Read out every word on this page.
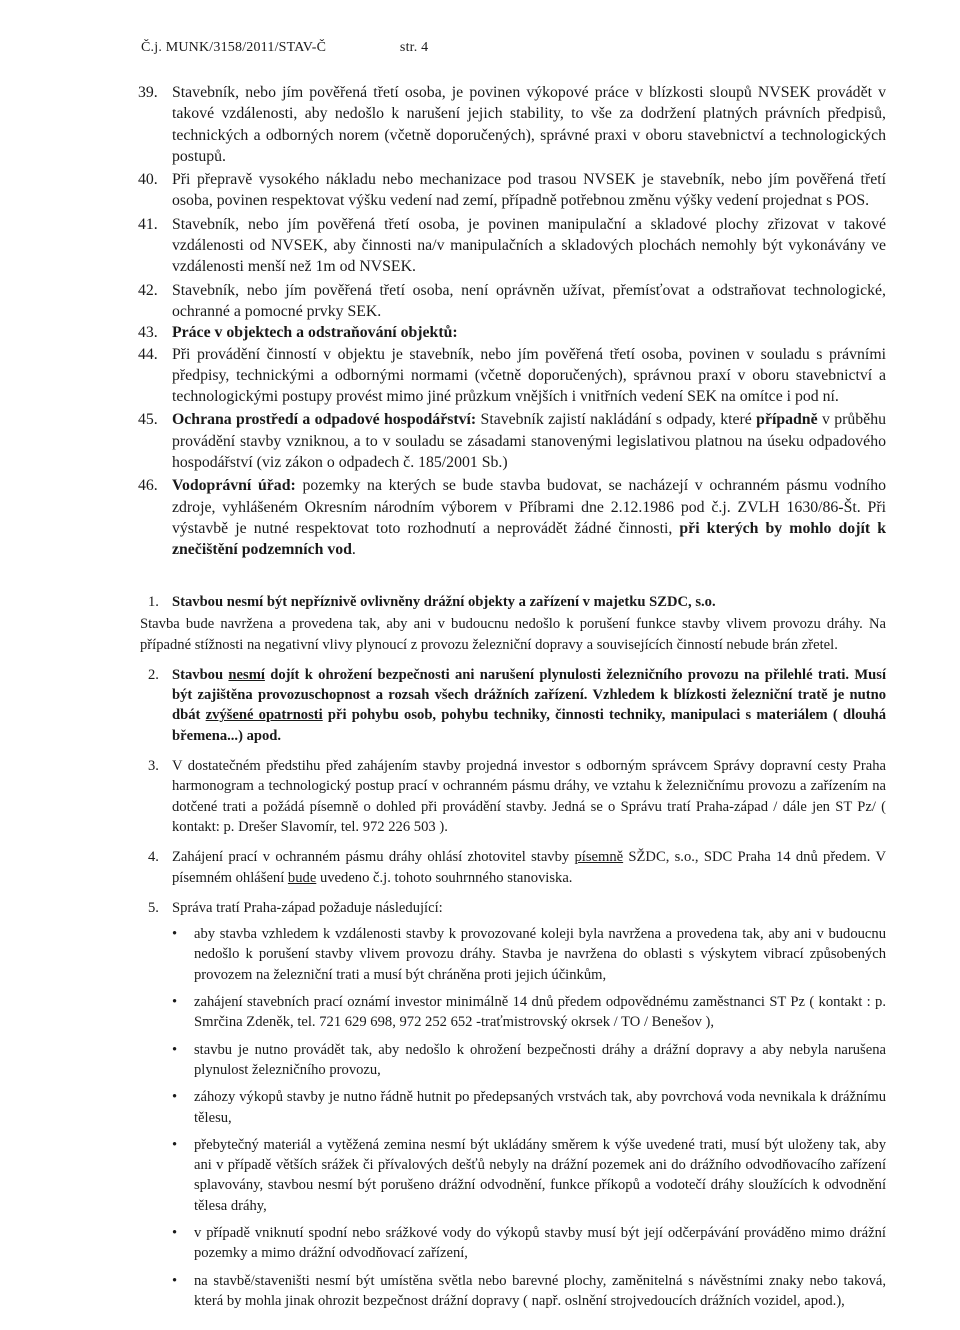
Č.j. MUNK/3158/2011/STAV-Č	str. 4
39. Stavebník, nebo jím pověřená třetí osoba, je povinen výkopové práce v blízkosti sloupů NVSEK provádět v takové vzdálenosti, aby nedošlo k narušení jejich stability, to vše za dodržení platných právních předpisů, technických a odborných norem (včetně doporučených), správné praxi v oboru stavebnictví a technologických postupů.
40. Při přepravě vysokého nákladu nebo mechanizace pod trasou NVSEK je stavebník, nebo jím pověřená třetí osoba, povinen respektovat výšku vedení nad zemí, případně potřebnou změnu výšky vedení projednat s POS.
41. Stavebník, nebo jím pověřená třetí osoba, je povinen manipulační a skladové plochy zřizovat v takové vzdálenosti od NVSEK, aby činnosti na/v manipulačních a skladových plochách nemohly být vykonávány ve vzdálenosti menší než 1m od NVSEK.
42. Stavebník, nebo jím pověřená třetí osoba, není oprávněn užívat, přemísťovat a odstraňovat technologické, ochranné a pomocné prvky SEK.
43. Práce v objektech a odstraňování objektů:
44. Při provádění činností v objektu je stavebník, nebo jím pověřená třetí osoba, povinen v souladu s právními předpisy, technickými a odbornými normami (včetně doporučených), správnou praxí v oboru stavebnictví a technologickými postupy provést mimo jiné průzkum vnějších i vnitřních vedení SEK na omítce i pod ní.
45. Ochrana prostředí a odpadové hospodářství: Stavebník zajistí nakládání s odpady, které případně v průběhu provádění stavby vzniknou, a to v souladu se zásadami stanovenými legislativou platnou na úseku odpadového hospodářství (viz zákon o odpadech č. 185/2001 Sb.)
46. Vodoprávní úřad: pozemky na kterých se bude stavba budovat, se nacházejí v ochranném pásmu vodního zdroje, vyhlášeném Okresním národním výborem v Příbrami dne 2.12.1986 pod č.j. ZVLH 1630/86-Št. Při výstavbě je nutné respektovat toto rozhodnutí a neprovádět žádné činnosti, při kterých by mohlo dojít k znečištění podzemních vod.
1. Stavbou nesmí být nepříznivě ovlivněny drážní objekty a zařízení v majetku SZDC, s.o.
Stavba bude navržena a provedena tak, aby ani v budoucnu nedošlo k porušení funkce stavby vlivem provozu dráhy. Na případné stížnosti na negativní vlivy plynoucí z provozu železniční dopravy a souvisejících činností nebude brán zřetel.
2. Stavbou nesmí dojít k ohrožení bezpečnosti ani narušení plynulosti železničního provozu na přilehlé trati. Musí být zajištěna provozuschopnost a rozsah všech drážních zařízení. Vzhledem k blízkosti železniční tratě je nutno dbát zvýšené opatrnosti při pohybu osob, pohybu techniky, činnosti techniky, manipulaci s materiálem ( dlouhá břemena...) apod.
3. V dostatečném předstihu před zahájením stavby projedná investor s odborným správcem Správy dopravní cesty Praha harmonogram a technologický postup prací v ochranném pásmu dráhy, ve vztahu k železničnímu provozu a zařízením na dotčené trati a požádá písemně o dohled při provádění stavby. Jedná se o Správu tratí Praha-západ / dále jen ST Pz/ ( kontakt: p. Drešer Slavomír, tel. 972 226 503 ).
4. Zahájení prací v ochranném pásmu dráhy ohlásí zhotovitel stavby písemně SŽDC, s.o., SDC Praha 14 dnů předem. V písemném ohlášení bude uvedeno č.j. tohoto souhrnného stanoviska.
5. Správa tratí Praha-západ požaduje následující:
• aby stavba vzhledem k vzdálenosti stavby k provozované koleji byla navržena a provedena tak, aby ani v budoucnu nedošlo k porušení stavby vlivem provozu dráhy. Stavba je navržena do oblasti s výskytem vibrací způsobených provozem na železniční trati a musí být chráněna proti jejich účinkům,
• zahájení stavebních prací oznámí investor minimálně 14 dnů předem odpovědnému zaměstnanci ST Pz ( kontakt : p. Smrčina Zdeněk, tel. 721 629 698, 972 252 652 -traťmistrovský okrsek / TO / Benešov ),
• stavbu je nutno provádět tak, aby nedošlo k ohrožení bezpečnosti dráhy a drážní dopravy a aby nebyla narušena plynulost železničního provozu,
• záhozy výkopů stavby je nutno řádně hutnit po předepsaných vrstvách tak, aby povrchová voda nevnikala k drážnímu tělesu,
• přebytečný materiál a vytěžená zemina nesmí být ukládány směrem k výše uvedené trati, musí být uloženy tak, aby ani v případě větších srážek či přívalových dešťů nebyly na drážní pozemek ani do drážního odvodňovacího zařízení splavovány, stavbou nesmí být porušeno drážní odvodnění, funkce příkopů a vodotečí dráhy sloužících k odvodnění tělesa dráhy,
• v případě vniknutí spodní nebo srážkové vody do výkopů stavby musí být její odčerpávání prováděno mimo drážní pozemky a mimo drážní odvodňovací zařízení,
• na stavbě/staveništi nesmí být umístěna světla nebo barevné plochy, zaměnitelná s návěstními znaky nebo taková, která by mohla jinak ohrozit bezpečnost drážní dopravy ( např. oslnění strojvedoucích drážních vozidel, apod.),
